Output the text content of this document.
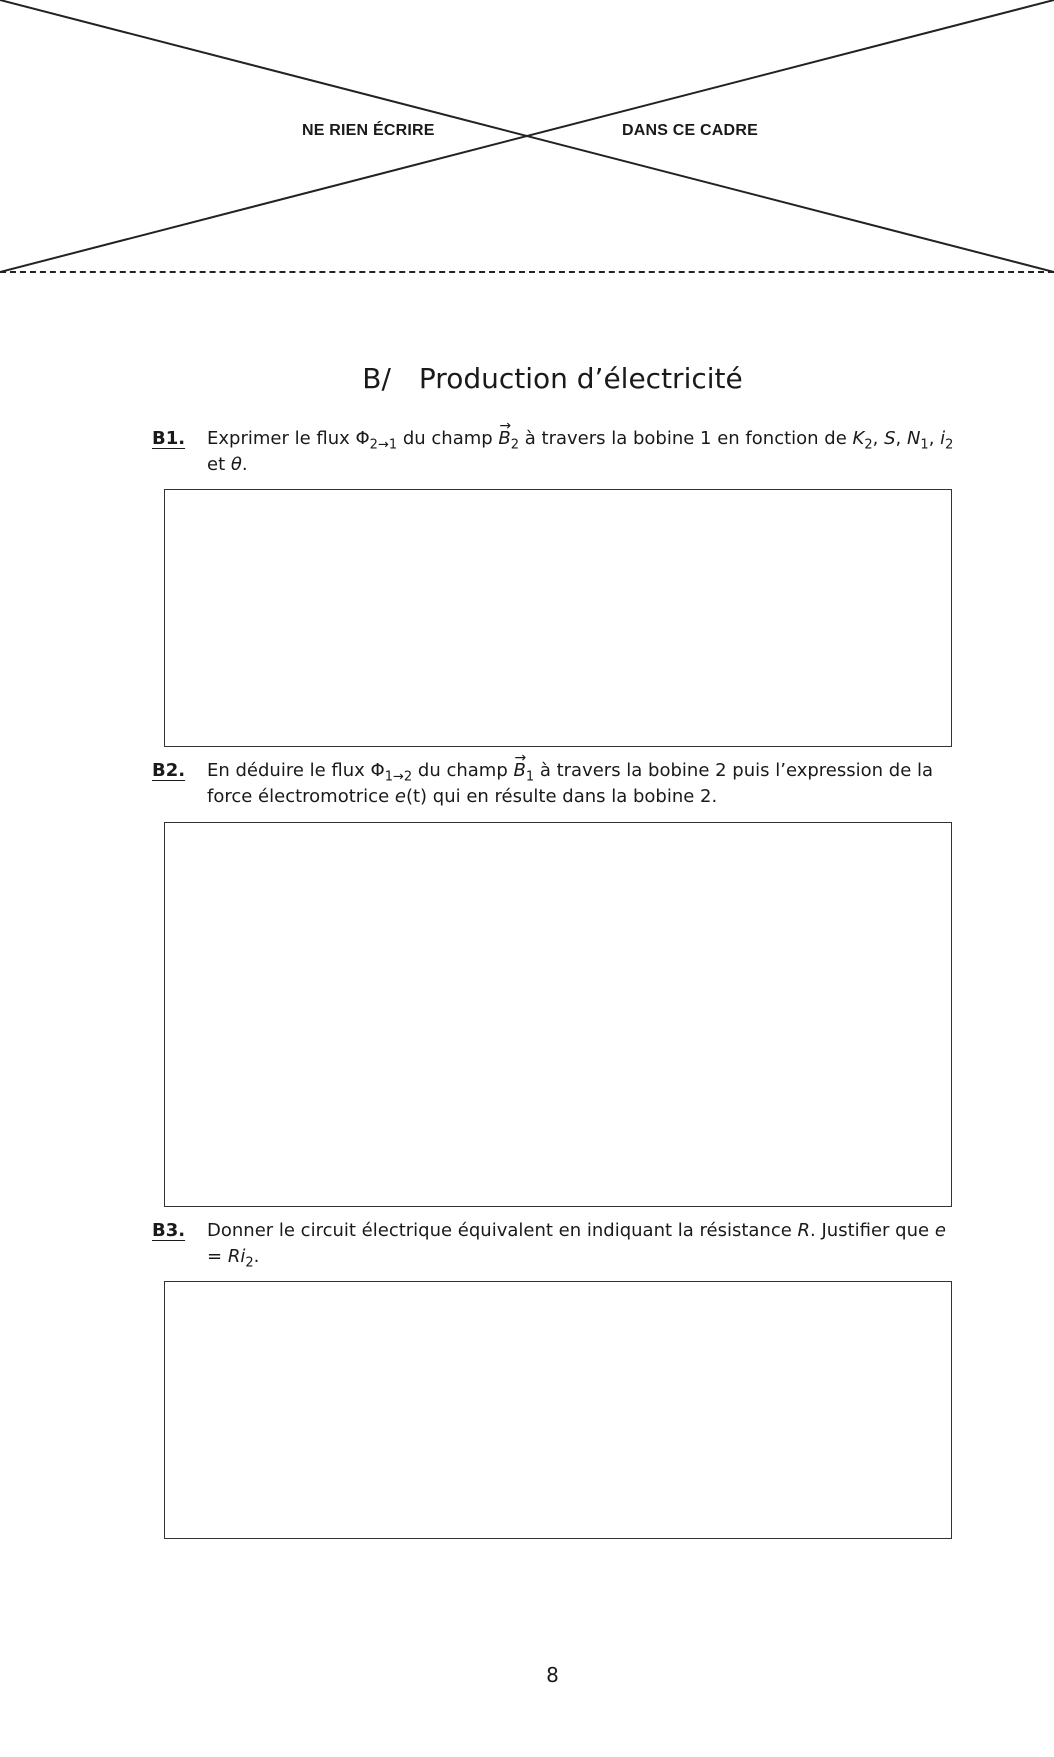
NE RIEN ÉCRIRE	DANS CE CADRE
B/ Production d’électricité
B1. Exprimer le flux $\Phi_{2\to 1}$ du champ → $B_2$ à travers la bobine 1 en fonction de $K_2$, S, $N_1$, $i_2$ et θ.
B2. En déduire le flux $\Phi_{1\to 2}$ du champ → $B_1$ à travers la bobine 2 puis l’expression de la force électromotrice e(t) qui en résulte dans la bobine 2.
B3. Donner le circuit électrique équivalent en indiquant la résistance R. Justifier que $e = Ri_2$.
8
